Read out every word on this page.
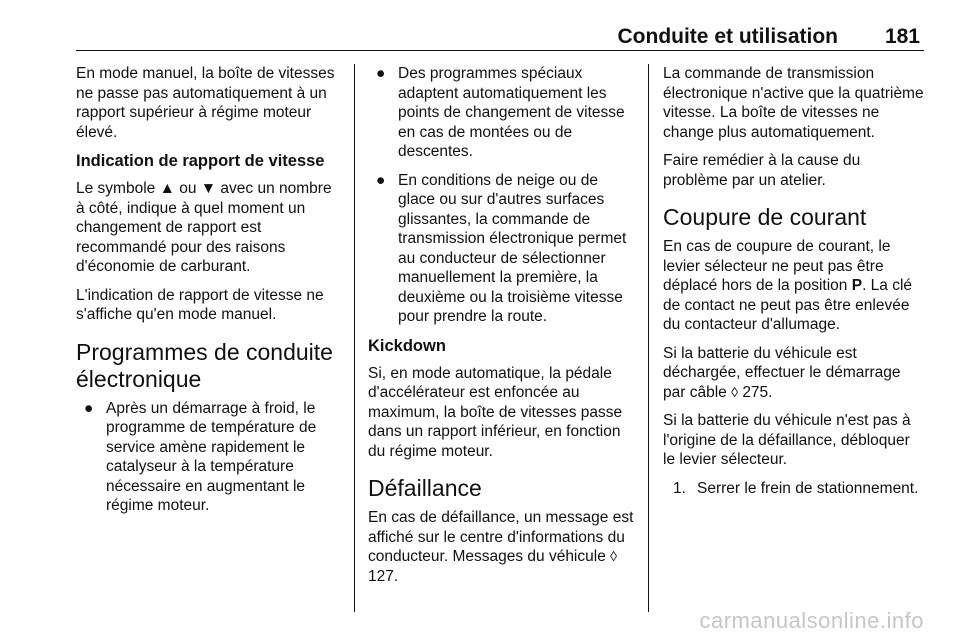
Conduite et utilisation 181

En mode manuel, la boîte de vitesses ne passe pas automatiquement à un rapport supérieur à régime moteur élevé.

Indication de rapport de vitesse

Le symbole ▲ ou ▼ avec un nombre à côté, indique à quel moment un changement de rapport est recommandé pour des raisons d'économie de carburant.

L'indication de rapport de vitesse ne s'affiche qu'en mode manuel.

Programmes de conduite électronique
● Après un démarrage à froid, le programme de température de service amène rapidement le catalyseur à la température nécessaire en augmentant le régime moteur.
● Des programmes spéciaux adaptent automatiquement les points de changement de vitesse en cas de montées ou de descentes.
● En conditions de neige ou de glace ou sur d'autres surfaces glissantes, la commande de transmission électronique permet au conducteur de sélectionner manuellement la première, la deuxième ou la troisième vitesse pour prendre la route.
Kickdown

Si, en mode automatique, la pédale d'accélérateur est enfoncée au maximum, la boîte de vitesses passe dans un rapport inférieur, en fonction du régime moteur.

Défaillance

En cas de défaillance, un message est affiché sur le centre d'informations du conducteur. Messages du véhicule ◊ 127.

La commande de transmission électronique n'active que la quatrième vitesse. La boîte de vitesses ne change plus automatiquement.

Faire remédier à la cause du problème par un atelier.

Coupure de courant

En cas de coupure de courant, le levier sélecteur ne peut pas être déplacé hors de la position P. La clé de contact ne peut pas être enlevée du contacteur d'allumage.

Si la batterie du véhicule est déchargée, effectuer le démarrage par câble ◊ 275.

Si la batterie du véhicule n'est pas à l'origine de la défaillance, débloquer le levier sélecteur.

1. Serrer le frein de stationnement.
carmanualsonline.info
